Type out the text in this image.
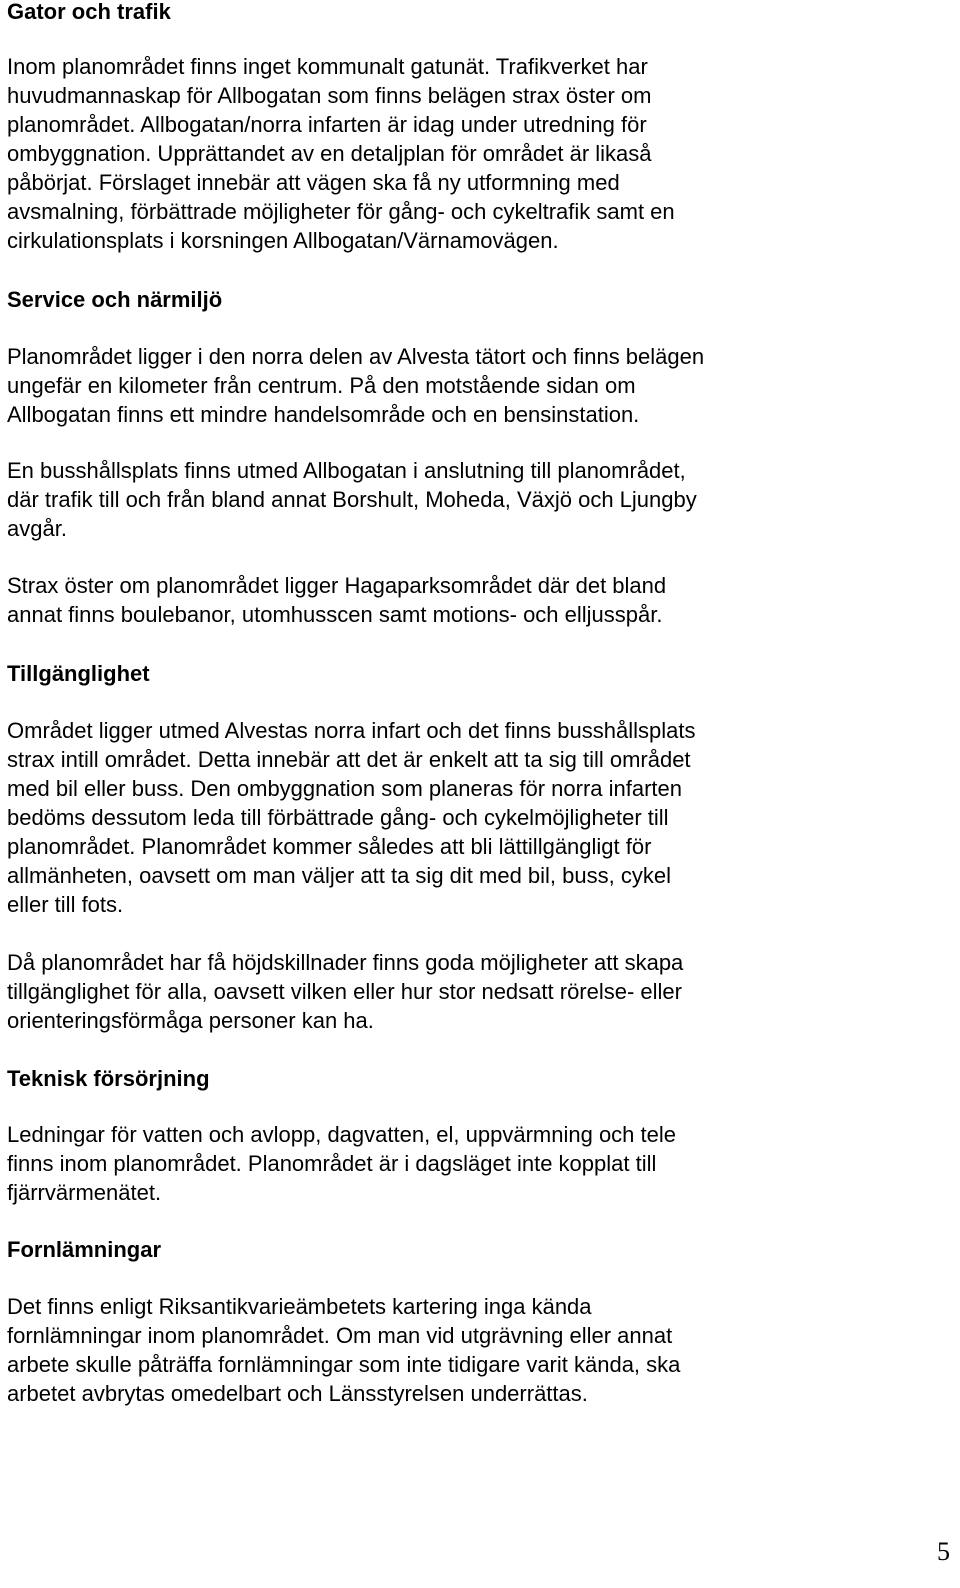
Gator och trafik

Inom planområdet finns inget kommunalt gatunät. Trafikverket har
huvudmannaskap för Allbogatan som finns belägen strax öster om
planområdet. Allbogatan/norra infarten är idag under utredning för
ombyggnation. Upprättandet av en detaljplan för området är likaså
påbörjat. Förslaget innebär att vägen ska få ny utformning med
avsmalning, förbättrade möjligheter för gång- och cykeltrafik samt en
cirkulationsplats i korsningen Allbogatan/Värnamovägen.

Service och närmiljö

Planområdet ligger i den norra delen av Alvesta tätort och finns belägen
ungefär en kilometer från centrum. På den motstående sidan om
Allbogatan finns ett mindre handelsområde och en bensinstation.

En busshållsplats finns utmed Allbogatan i anslutning till planområdet,
där trafik till och från bland annat Borshult, Moheda, Växjö och Ljungby
avgår.

Strax öster om planområdet ligger Hagaparksområdet där det bland
annat finns boulebanor, utomhusscen samt motions- och elljusspår.

Tillgänglighet

Området ligger utmed Alvestas norra infart och det finns busshållsplats
strax intill området. Detta innebär att det är enkelt att ta sig till området
med bil eller buss. Den ombyggnation som planeras för norra infarten
bedöms dessutom leda till förbättrade gång- och cykelmöjligheter till
planområdet. Planområdet kommer således att bli lättillgängligt för
allmänheten, oavsett om man väljer att ta sig dit med bil, buss, cykel
eller till fots.

Då planområdet har få höjdskillnader finns goda möjligheter att skapa
tillgänglighet för alla, oavsett vilken eller hur stor nedsatt rörelse- eller
orienteringsförmåga personer kan ha.

Teknisk försörjning

Ledningar för vatten och avlopp, dagvatten, el, uppvärmning och tele
finns inom planområdet. Planområdet är i dagsläget inte kopplat till
fjärrvärmenätet.

Fornlämningar

Det finns enligt Riksantikvarieämbetets kartering inga kända
fornlämningar inom planområdet. Om man vid utgrävning eller annat
arbete skulle påträffa fornlämningar som inte tidigare varit kända, ska
arbetet avbrytas omedelbart och Länsstyrelsen underrättas.

5
